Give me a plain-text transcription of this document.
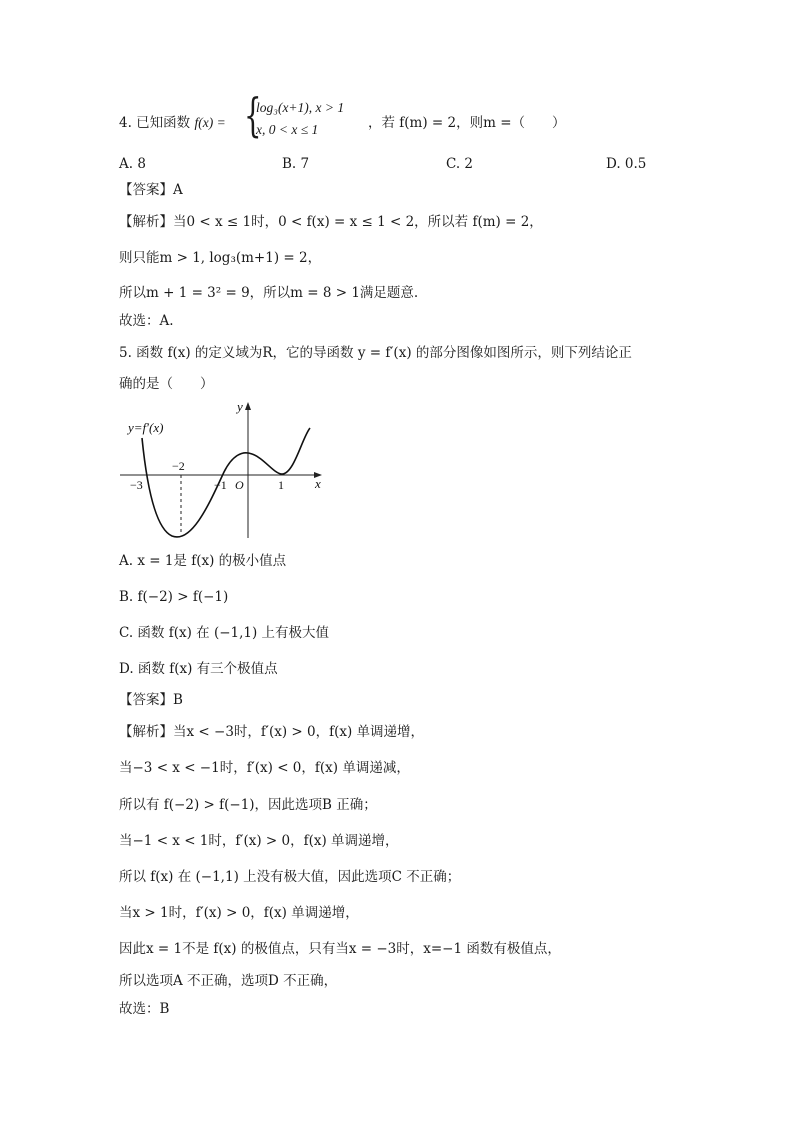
4. 已知函数 f(x) = {
log₃(x+1), x > 1
x, 0 < x ≤ 1	，若 f(m) = 2，则m =（　　）
A. 8	B. 7	C. 2	D. 0.5
【答案】A
【解析】当0 < x ≤ 1时，0 < f(x) = x ≤ 1 < 2，所以若 f(m) = 2，
则只能m > 1, log₃(m+1) = 2，
所以m + 1 = 3² = 9，所以m = 8 > 1满足题意.
故选：A.
5. 函数 f(x) 的定义域为R，它的导函数 y = f′(x) 的部分图像如图所示，则下列结论正
确的是（　　）
y=f′(x)
y
x
O
−3
−2
−1	1
A. x = 1是 f(x) 的极小值点
B. f(−2) > f(−1)
C. 函数 f(x) 在 (−1,1) 上有极大值
D. 函数 f(x) 有三个极值点
【答案】B
【解析】当x < −3时，f′(x) > 0，f(x) 单调递增，
当−3 < x < −1时，f′(x) < 0，f(x) 单调递减，
所以有 f(−2) > f(−1)，因此选项B 正确；
当−1 < x < 1时，f′(x) > 0，f(x) 单调递增，
所以 f(x) 在 (−1,1) 上没有极大值，因此选项C 不正确；
当x > 1时，f′(x) > 0，f(x) 单调递增，
因此x = 1不是 f(x) 的极值点，只有当x = −3时，x=−1 函数有极值点，
所以选项A 不正确，选项D 不正确，
故选：B
